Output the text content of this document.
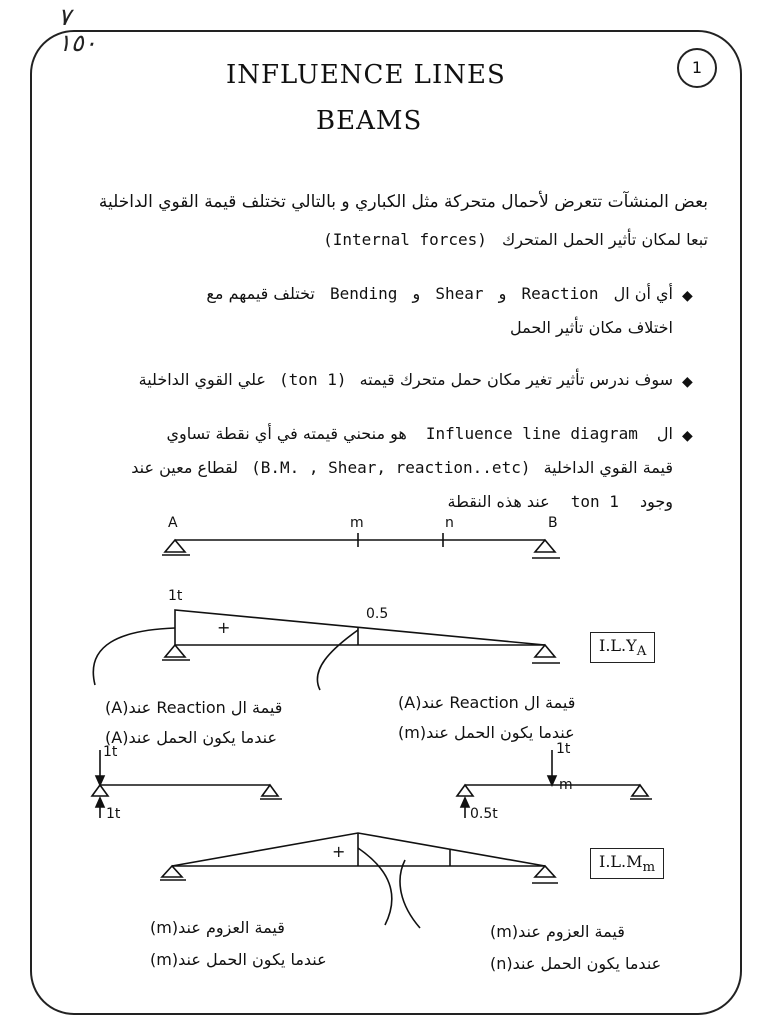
٧
١٥٠
1
INFLUENCE LINES
BEAMS
بعض المنشآت تتعرض لأحمال متحركة مثل الكباري و بالتالي تختلف قيمة القوي الداخلية
(Internal forces) تبعا لمكان تأثير الحمل المتحرك
◆
أي أن ال Reaction و Shear و Bending تختلف قيمهم مع
اختلاف مكان تأثير الحمل
◆
سوف ندرس تأثير تغير مكان حمل متحرك قيمته (1 ton) علي القوي الداخلية
◆
ال Influence line diagram هو منحني قيمته في أي نقطة تساوي
قيمة القوي الداخلية (B.M. , Shear, reaction..etc) لقطاع معين عند
وجود 1 ton عند هذه النقطة
A	m	n	B
1t
0.5
+
$I.L.Y_A$
قيمة ال Reaction عند(A)
عندما يكون الحمل عند(A)
قيمة ال Reaction عند(A)
عندما يكون الحمل عند(m)
1t
1t
1t
m
0.5t
+
$I.L.M_m$
قيمة العزوم عند(m)
عندما يكون الحمل عند(m)
قيمة العزوم عند(m)
عندما يكون الحمل عند(n)
